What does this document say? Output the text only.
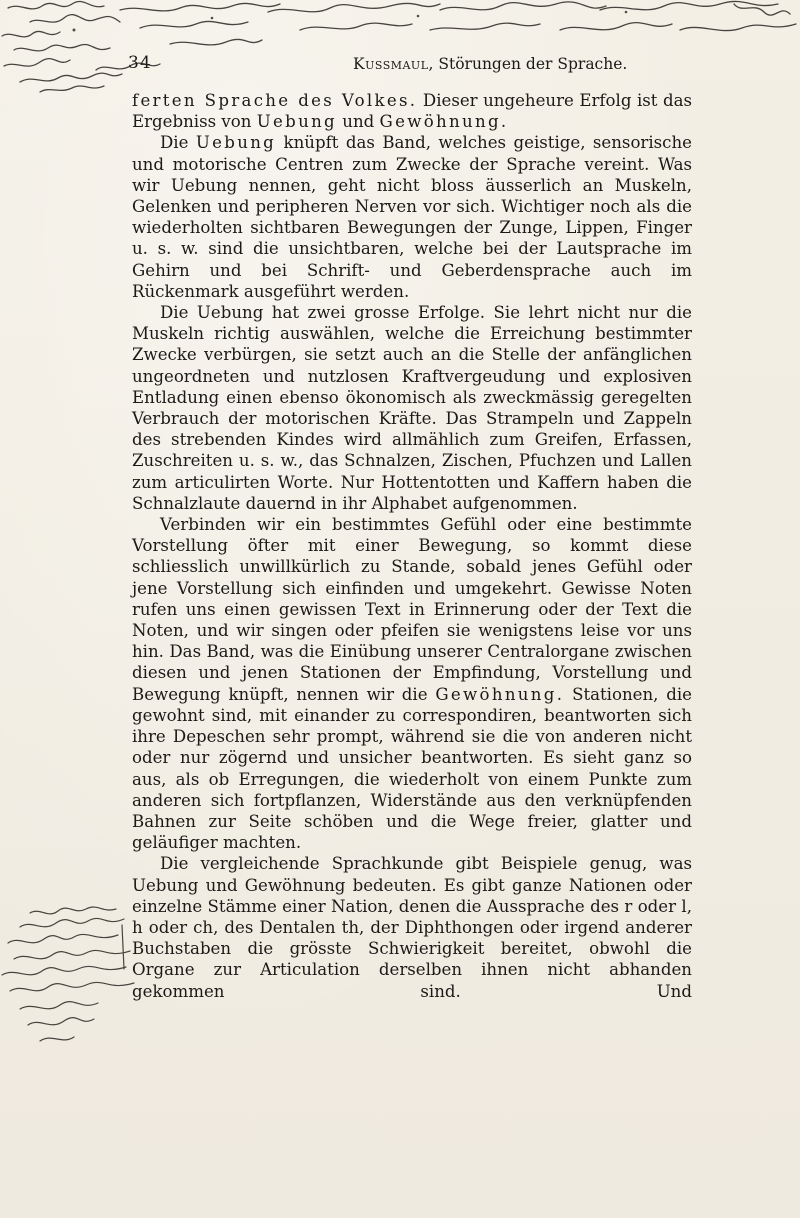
34	Kussmaul, Störungen der Sprache.

ferten Sprache des Volkes. Dieser ungeheure Erfolg ist das Ergebniss von Uebung und Gewöhnung.

Die Uebung knüpft das Band, welches geistige, sensorische und motorische Centren zum Zwecke der Sprache vereint. Was wir Uebung nennen, geht nicht bloss äusserlich an Muskeln, Gelenken und peripheren Nerven vor sich. Wichtiger noch als die wiederholten sichtbaren Bewegungen der Zunge, Lippen, Finger u. s. w. sind die unsichtbaren, welche bei der Lautsprache im Gehirn und bei Schrift- und Geberdensprache auch im Rückenmark ausgeführt werden.

Die Uebung hat zwei grosse Erfolge. Sie lehrt nicht nur die Muskeln richtig auswählen, welche die Erreichung bestimmter Zwecke verbürgen, sie setzt auch an die Stelle der anfänglichen ungeordneten und nutzlosen Kraftvergeudung und explosiven Entladung einen ebenso ökonomisch als zweckmässig geregelten Verbrauch der motorischen Kräfte. Das Strampeln und Zappeln des strebenden Kindes wird allmählich zum Greifen, Erfassen, Zuschreiten u. s. w., das Schnalzen, Zischen, Pfuchzen und Lallen zum articulirten Worte. Nur Hottentotten und Kaffern haben die Schnalzlaute dauernd in ihr Alphabet aufgenommen.

Verbinden wir ein bestimmtes Gefühl oder eine bestimmte Vorstellung öfter mit einer Bewegung, so kommt diese schliesslich unwillkürlich zu Stande, sobald jenes Gefühl oder jene Vorstellung sich einfinden und umgekehrt. Gewisse Noten rufen uns einen gewissen Text in Erinnerung oder der Text die Noten, und wir singen oder pfeifen sie wenigstens leise vor uns hin. Das Band, was die Einübung unserer Centralorgane zwischen diesen und jenen Stationen der Empfindung, Vorstellung und Bewegung knüpft, nennen wir die Gewöhnung. Stationen, die gewohnt sind, mit einander zu correspondiren, beantworten sich ihre Depeschen sehr prompt, während sie die von anderen nicht oder nur zögernd und unsicher beantworten. Es sieht ganz so aus, als ob Erregungen, die wiederholt von einem Punkte zum anderen sich fortpflanzen, Widerstände aus den verknüpfenden Bahnen zur Seite schöben und die Wege freier, glatter und geläufiger machten.

Die vergleichende Sprachkunde gibt Beispiele genug, was Uebung und Gewöhnung bedeuten. Es gibt ganze Nationen oder einzelne Stämme einer Nation, denen die Aussprache des r oder l, h oder ch, des Dentalen th, der Diphthongen oder irgend anderer Buchstaben die grösste Schwierigkeit bereitet, obwohl die Organe zur Articulation derselben ihnen nicht abhanden gekommen sind. Und
